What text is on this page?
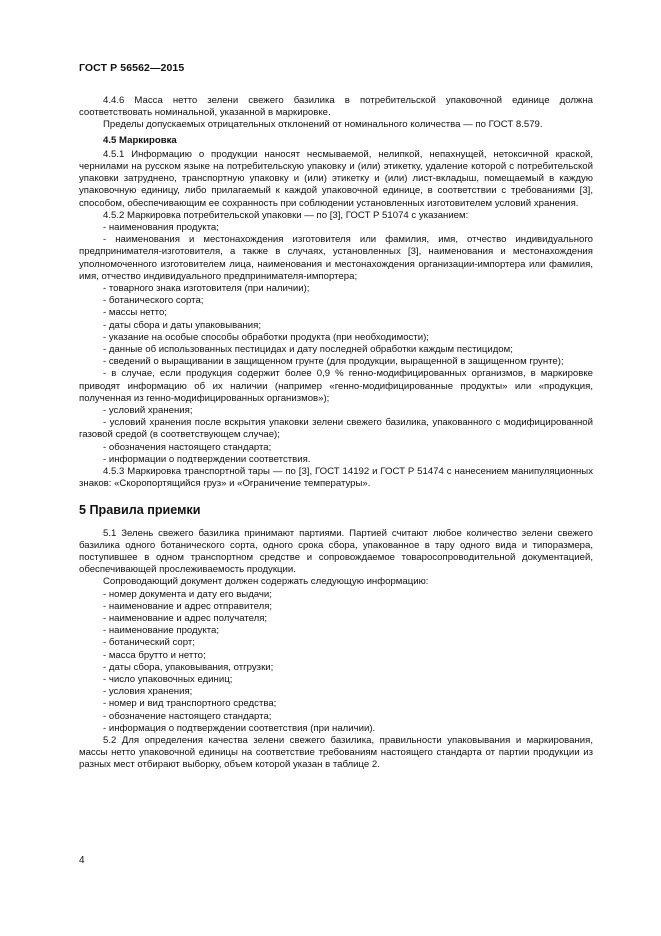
ГОСТ Р 56562—2015

4.4.6 Масса нетто зелени свежего базилика в потребительской упаковочной единице должна соответствовать номинальной, указанной в маркировке.

Пределы допускаемых отрицательных отклонений от номинального количества — по ГОСТ 8.579.

4.5 Маркировка

4.5.1 Информацию о продукции наносят несмываемой, нелипкой, непахнущей, нетоксичной краской, чернилами на русском языке на потребительскую упаковку и (или) этикетку, удаление которой с потребительской упаковки затруднено, транспортную упаковку и (или) этикетку и (или) лист-вкладыш, помещаемый в каждую упаковочную единицу, либо прилагаемый к каждой упаковочной единице, в соответствии с требованиями [3], способом, обеспечивающим ее сохранность при соблюдении установленных изготовителем условий хранения.

4.5.2 Маркировка потребительской упаковки — по [3], ГОСТ Р 51074 с указанием:

- наименования продукта;

- наименования и местонахождения изготовителя или фамилия, имя, отчество индивидуального предпринимателя-изготовителя, а также в случаях, установленных [3], наименования и местонахождения уполномоченного изготовителем лица, наименования и местонахождения организации-импортера или фамилия, имя, отчество индивидуального предпринимателя-импортера;

- товарного знака изготовителя (при наличии);

- ботанического сорта;

- массы нетто;

- даты сбора и даты упаковывания;

- указание на особые способы обработки продукта (при необходимости);

- данные об использованных пестицидах и дату последней обработки каждым пестицидом;

- сведений о выращивании в защищенном грунте (для продукции, выращенной в защищенном грунте);

- в случае, если продукция содержит более 0,9 % генно-модифицированных организмов, в маркировке приводят информацию об их наличии (например «генно-модифицированные продукты» или «продукция, полученная из генно-модифицированных организмов»);

- условий хранения;

- условий хранения после вскрытия упаковки зелени свежего базилика, упакованного с модифицированной газовой средой (в соответствующем случае);

- обозначения настоящего стандарта;

- информации о подтверждении соответствия.

4.5.3 Маркировка транспортной тары — по [3], ГОСТ 14192 и ГОСТ Р 51474 с нанесением манипуляционных знаков: «Скоропортящийся груз» и «Ограничение температуры».

5 Правила приемки

5.1 Зелень свежего базилика принимают партиями. Партией считают любое количество зелени свежего базилика одного ботанического сорта, одного срока сбора, упакованное в тару одного вида и типоразмера, поступившее в одном транспортном средстве и сопровождаемое товаросопроводительной документацией, обеспечивающей прослеживаемость продукции.

Сопроводающий документ должен содержать следующую информацию:

- номер документа и дату его выдачи;

- наименование и адрес отправителя;

- наименование и адрес получателя;

- наименование продукта;

- ботанический сорт;

- масса брутто и нетто;

- даты сбора, упаковывания, отгрузки;

- число упаковочных единиц;

- условия хранения;

- номер и вид транспортного средства;

- обозначение настоящего стандарта;

- информация о подтверждении соответствия (при наличии).

5.2 Для определения качества зелени свежего базилика, правильности упаковывания и маркирования, массы нетто упаковочной единицы на соответствие требованиям настоящего стандарта от партии продукции из разных мест отбирают выборку, объем которой указан в таблице 2.

4
